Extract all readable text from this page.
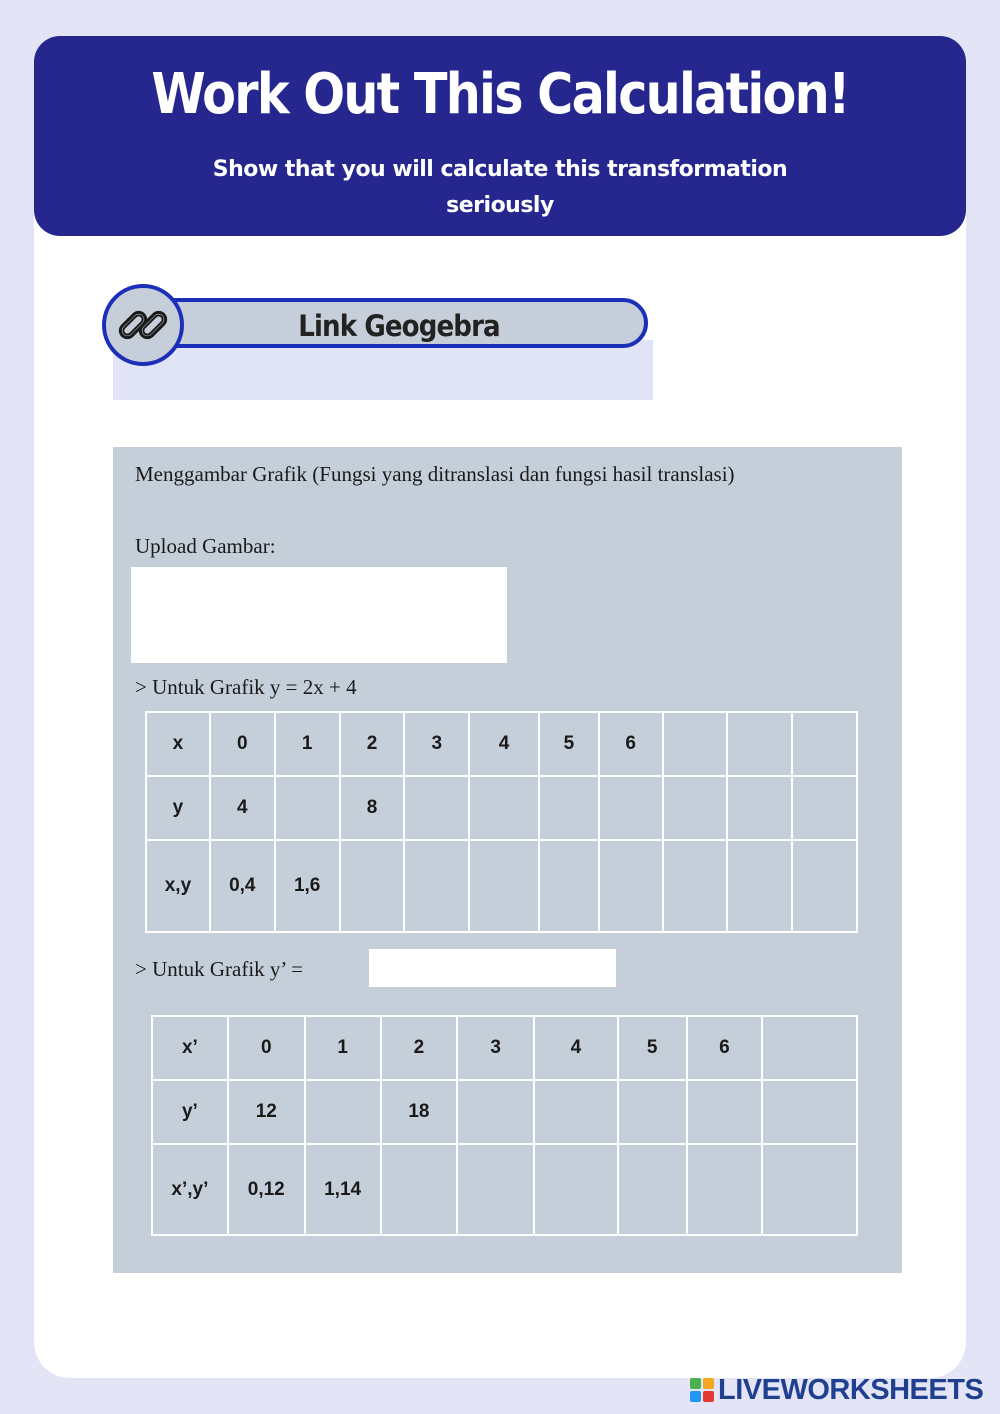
Work Out This Calculation!
Show that you will calculate this transformation seriously
Link Geogebra
Menggambar Grafik (Fungsi yang ditranslasi dan fungsi hasil translasi)
Upload Gambar:
> Untuk Grafik y = 2x + 4
x	0	1	2	3	4	5	6			
y	4		8							
x,y	0,4	1,6								
> Untuk Grafik y’ =
x’	0	1	2	3	4	5	6	
y’	12		18					
x’,y’	0,12	1,14						
LIVEWORKSHEETS
